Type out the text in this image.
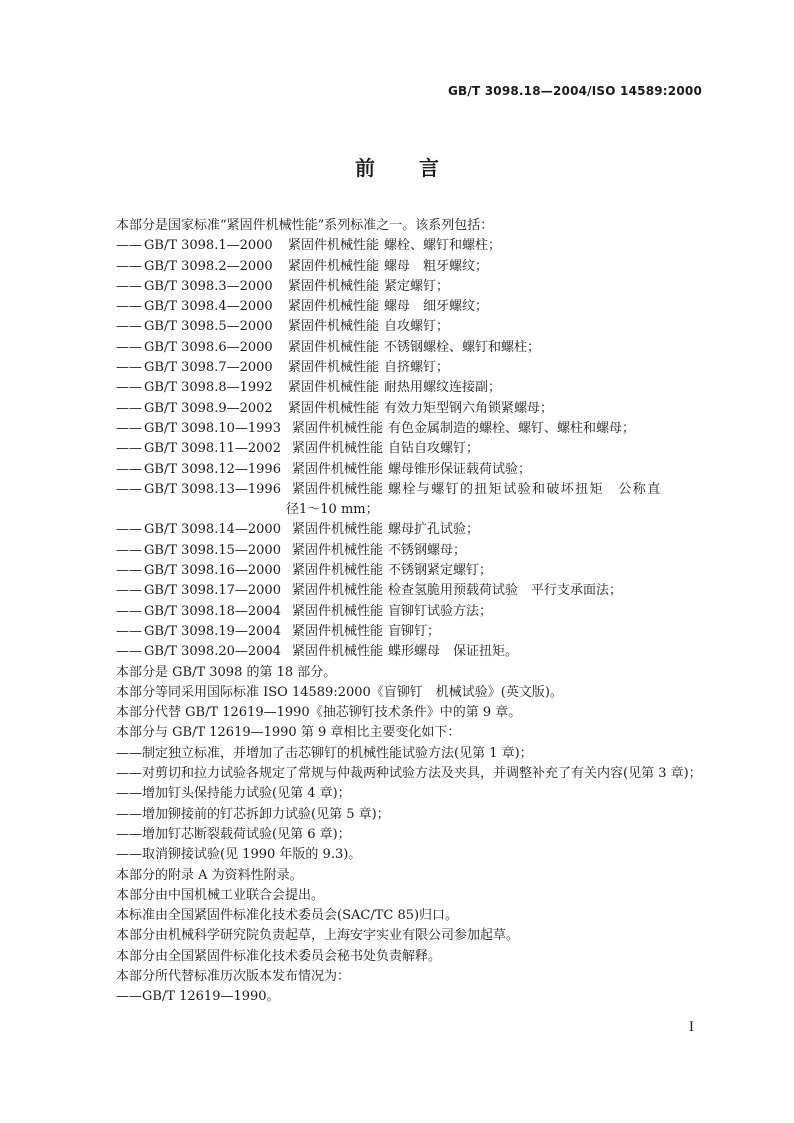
GB/T 3098.18—2004/ISO 14589:2000
前 言
本部分是国家标准“紧固件机械性能”系列标准之一。该系列包括：
—— GB/T 3098.1—2000	紧固件机械性能 螺栓、螺钉和螺柱；
—— GB/T 3098.2—2000	紧固件机械性能 螺母　粗牙螺纹；
—— GB/T 3098.3—2000	紧固件机械性能 紧定螺钉；
—— GB/T 3098.4—2000	紧固件机械性能 螺母　细牙螺纹；
—— GB/T 3098.5—2000	紧固件机械性能 自攻螺钉；
—— GB/T 3098.6—2000	紧固件机械性能 不锈钢螺栓、螺钉和螺柱；
—— GB/T 3098.7—2000	紧固件机械性能 自挤螺钉；
—— GB/T 3098.8—1992	紧固件机械性能 耐热用螺纹连接副；
—— GB/T 3098.9—2002	紧固件机械性能 有效力矩型钢六角锁紧螺母；
—— GB/T 3098.10—1993 紧固件机械性能 有色金属制造的螺栓、螺钉、螺柱和螺母；
—— GB/T 3098.11—2002 紧固件机械性能 自钻自攻螺钉；
—— GB/T 3098.12—1996 紧固件机械性能 螺母锥形保证载荷试验；
—— GB/T 3098.13—1996 紧固件机械性能 螺栓与螺钉的扭矩试验和破坏扭矩　公称直
径1～10 mm；
—— GB/T 3098.14—2000 紧固件机械性能 螺母扩孔试验；
—— GB/T 3098.15—2000 紧固件机械性能 不锈钢螺母；
—— GB/T 3098.16—2000 紧固件机械性能 不锈钢紧定螺钉；
—— GB/T 3098.17—2000 紧固件机械性能 检查氢脆用预载荷试验　平行支承面法；
—— GB/T 3098.18—2004 紧固件机械性能 盲铆钉试验方法；
—— GB/T 3098.19—2004 紧固件机械性能 盲铆钉；
—— GB/T 3098.20—2004 紧固件机械性能 蝶形螺母　保证扭矩。
本部分是 GB/T 3098 的第 18 部分。
本部分等同采用国际标准 ISO 14589:2000《盲铆钉　机械试验》(英文版)。
本部分代替 GB/T 12619—1990《抽芯铆钉技术条件》中的第 9 章。
本部分与 GB/T 12619—1990 第 9 章相比主要变化如下：
——制定独立标准，并增加了击芯铆钉的机械性能试验方法(见第 1 章)；
——对剪切和拉力试验各规定了常规与仲裁两种试验方法及夹具，并调整补充了有关内容(见第 3 章)；
——增加钉头保持能力试验(见第 4 章)；
——增加铆接前的钉芯拆卸力试验(见第 5 章)；
——增加钉芯断裂载荷试验(见第 6 章)；
——取消铆接试验(见 1990 年版的 9.3)。
本部分的附录 A 为资料性附录。
本部分由中国机械工业联合会提出。
本标准由全国紧固件标准化技术委员会(SAC/TC 85)归口。
本部分由机械科学研究院负责起草，上海安字实业有限公司参加起草。
本部分由全国紧固件标准化技术委员会秘书处负责解释。
本部分所代替标准历次版本发布情况为：
——GB/T 12619—1990。
I
